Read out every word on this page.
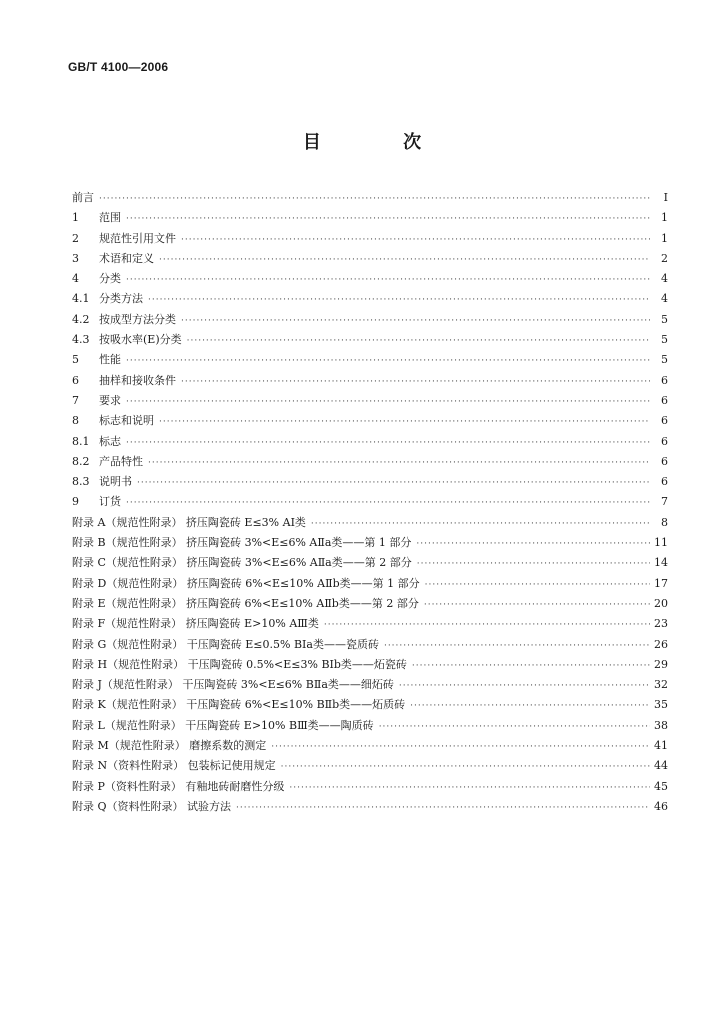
GB/T 4100—2006
目 次
前言 ·····	I
1	范围 ·····	1
2	规范性引用文件 ·····	1
3	术语和定义 ·····	2
4	分类 ·····	4
4.1 分类方法 ·····	4
4.2 按成型方法分类 ·····	5
4.3 按吸水率(E)分类 ·····	5
5	性能 ·····	5
6	抽样和接收条件 ·····	6
7	要求 ·····	6
8	标志和说明 ·····	6
8.1 标志 ·····	6
8.2 产品特性 ·····	6
8.3 说明书 ·····	6
9	订货 ·····	7
附录 A（规范性附录） 挤压陶瓷砖 E≤3% AⅠ类 ·····	8
附录 B（规范性附录） 挤压陶瓷砖 3%<E≤6% AⅡa类——第 1 部分 ·····	11
附录 C（规范性附录） 挤压陶瓷砖 3%<E≤6% AⅡa类——第 2 部分 ·····	14
附录 D（规范性附录） 挤压陶瓷砖 6%<E≤10% AⅡb类——第 1 部分 ·····	17
附录 E（规范性附录） 挤压陶瓷砖 6%<E≤10% AⅡb类——第 2 部分 ·····	20
附录 F（规范性附录） 挤压陶瓷砖 E>10% AⅢ类 ·····	23
附录 G（规范性附录） 干压陶瓷砖 E≤0.5% BⅠa类——瓷质砖 ·····	26
附录 H（规范性附录） 干压陶瓷砖 0.5%<E≤3% BⅠb类——炻瓷砖 ·····	29
附录 J（规范性附录） 干压陶瓷砖 3%<E≤6% BⅡa类——细炻砖 ·····	32
附录 K（规范性附录） 干压陶瓷砖 6%<E≤10% BⅡb类——炻质砖 ·····	35
附录 L（规范性附录） 干压陶瓷砖 E>10% BⅢ类——陶质砖 ·····	38
附录 M（规范性附录） 磨擦系数的测定 ·····	41
附录 N（资料性附录） 包装标记使用规定 ·····	44
附录 P（资料性附录） 有釉地砖耐磨性分级 ·····	45
附录 Q（资料性附录） 试验方法 ·····	46
